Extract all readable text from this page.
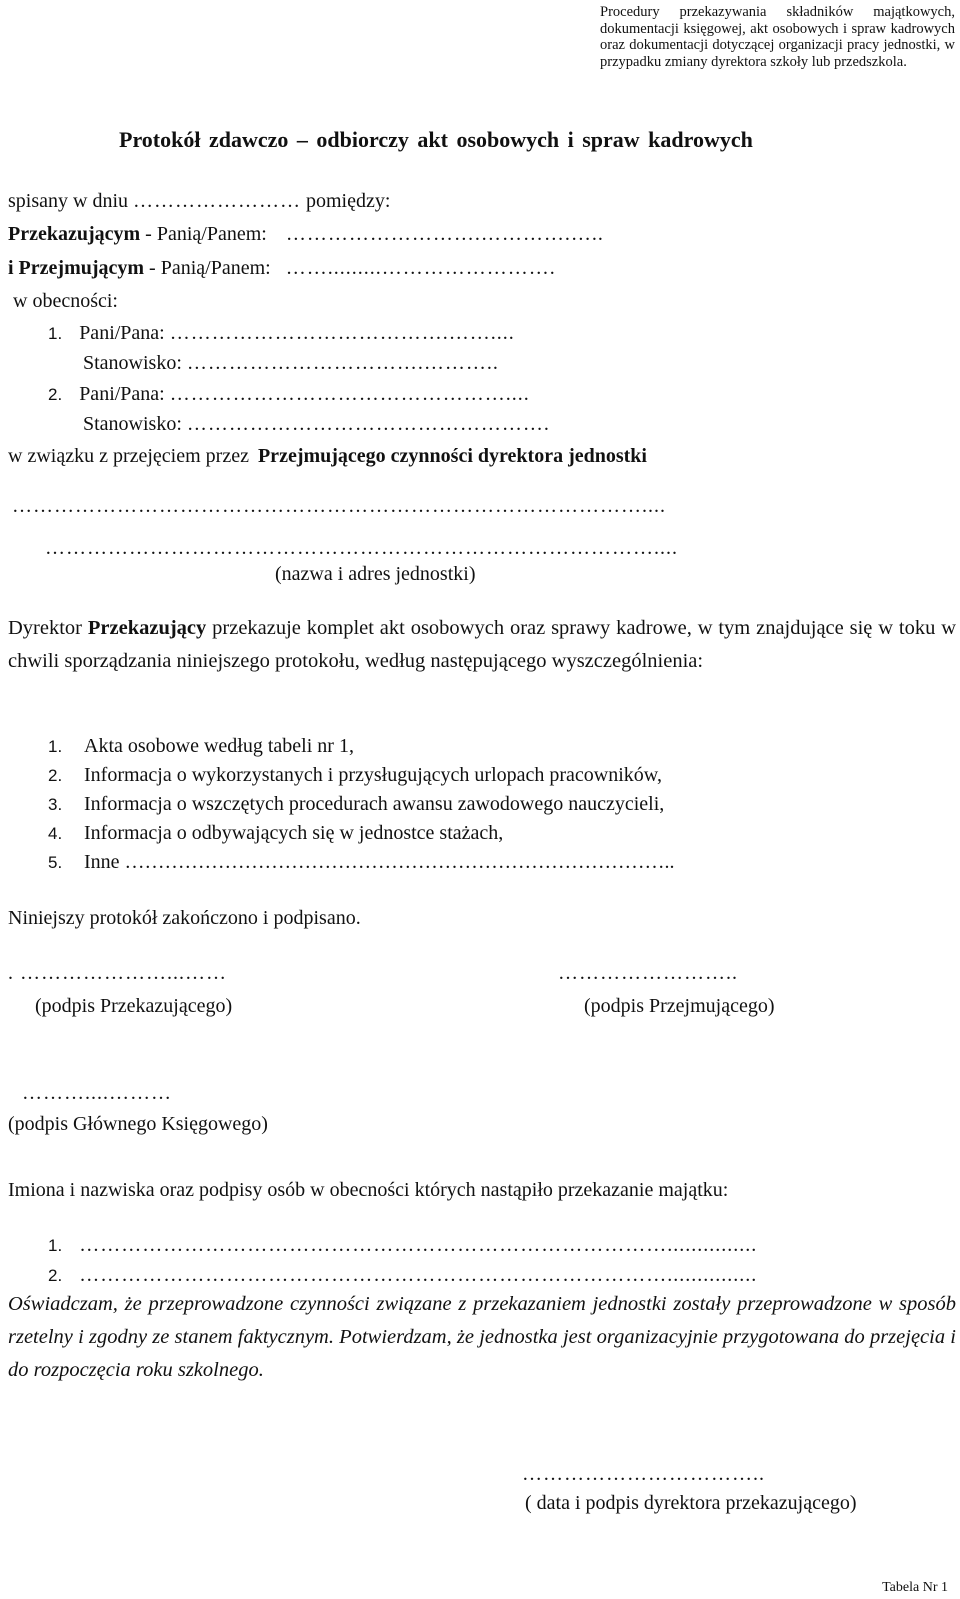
Procedury przekazywania składników majątkowych, dokumentacji księgowej, akt osobowych i spraw kadrowych oraz dokumentacji dotyczącej organizacji pracy jednostki, w przypadku zmiany dyrektora szkoły lub przedszkola.
Protokół zdawczo – odbiorczy akt osobowych i spraw kadrowych
spisany w dniu …………………… pomiędzy:
Przekazującym - Panią/Panem: ……………………….………….…..
i Przejmującym - Panią/Panem: …….........…………………….
w obecności:
1. Pani/Pana: ………………………………….……....
Stanowisko: …………………………….………..
2. Pani/Pana: …………………………………………....
Stanowisko: …………………………………………….
w związku z przejęciem przez Przejmującego czynności dyrektora jednostki
………………………………………………………………………………....
……………………………………………………………………………....
(nazwa i adres jednostki)
Dyrektor Przekazujący przekazuje komplet akt osobowych oraz sprawy kadrowe, w tym znajdujące się w toku w chwili sporządzania niniejszego protokołu, według następującego wyszczególnienia:
1. Akta osobowe według tabeli nr 1,
2. Informacja o wykorzystanych i przysługujących urlopach pracowników,
3. Informacja o wszczętych procedurach awansu zawodowego nauczycieli,
4. Informacja o odbywających się w jednostce stażach,
5. Inne ………………………………………………………………………..
Niniejszy protokół zakończono i podpisano.
. …………………...……
(podpis Przekazującego)
……………………..
(podpis Przejmującego)
………....………
(podpis Głównego Księgowego)
Imiona i nazwiska oraz podpisy osób w obecności których nastąpiło przekazanie majątku:
1. …………………………………………………………………………...............
2. …………………………………………………………………………...............
Oświadczam, że przeprowadzone czynności związane z przekazaniem jednostki zostały przeprowadzone w sposób rzetelny i zgodny ze stanem faktycznym. Potwierdzam, że jednostka jest organizacyjnie przygotowana do przejęcia i do rozpoczęcia roku szkolnego.
……………………………..
( data i podpis dyrektora przekazującego)
Tabela Nr 1
